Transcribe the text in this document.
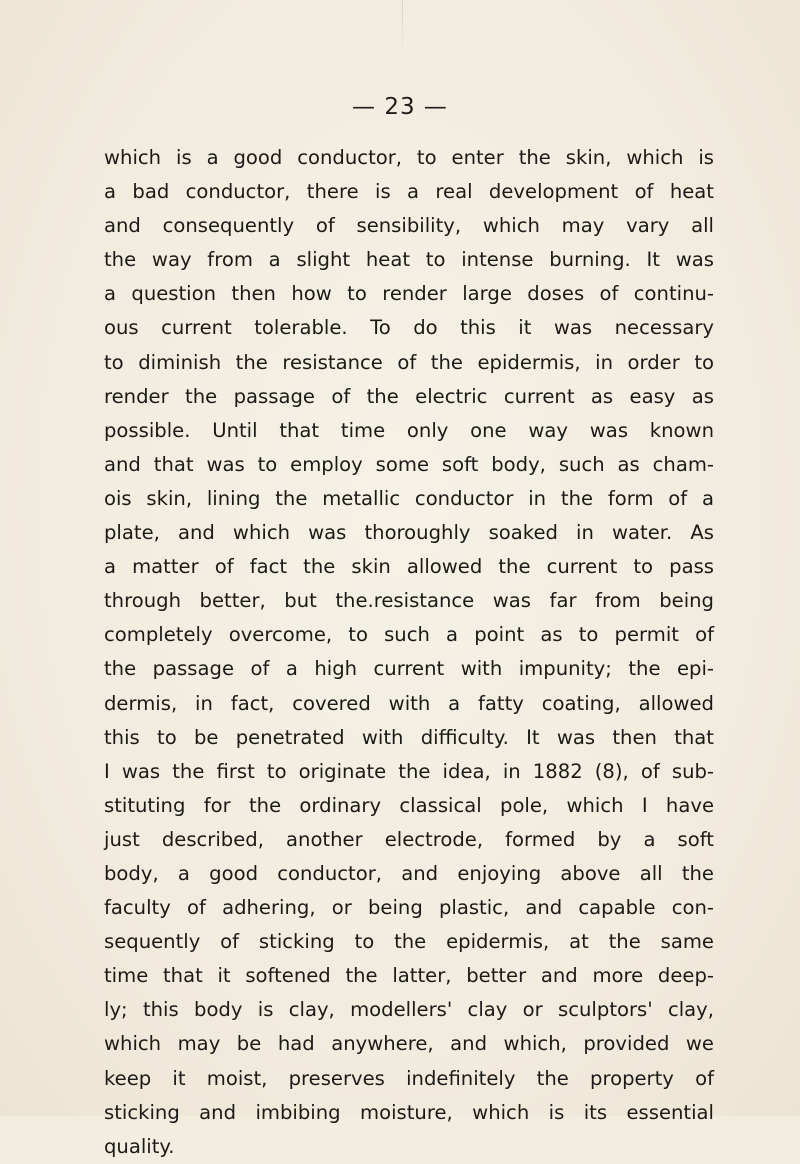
— 23 —
which is a good conductor, to enter the skin, which is
a bad conductor, there is a real development of heat
and consequently of sensibility, which may vary all
the way from a slight heat to intense burning. It was
a question then how to render large doses of continu-
ous current tolerable. To do this it was necessary
to diminish the resistance of the epidermis, in order to
render the passage of the electric current as easy as
possible. Until that time only one way was known
and that was to employ some soft body, such as cham-
ois skin, lining the metallic conductor in the form of a
plate, and which was thoroughly soaked in water. As
a matter of fact the skin allowed the current to pass
through better, but the.resistance was far from being
completely overcome, to such a point as to permit of
the passage of a high current with impunity; the epi-
dermis, in fact, covered with a fatty coating, allowed
this to be penetrated with difficulty. It was then that
I was the first to originate the idea, in 1882 (8), of sub-
stituting for the ordinary classical pole, which I have
just described, another electrode, formed by a soft
body, a good conductor, and enjoying above all the
faculty of adhering, or being plastic, and capable con-
sequently of sticking to the epidermis, at the same
time that it softened the latter, better and more deep-
ly; this body is clay, modellers' clay or sculptors' clay,
which may be had anywhere, and which, provided we
keep it moist, preserves indefinitely the property of
sticking and imbibing moisture, which is its essential
quality.
